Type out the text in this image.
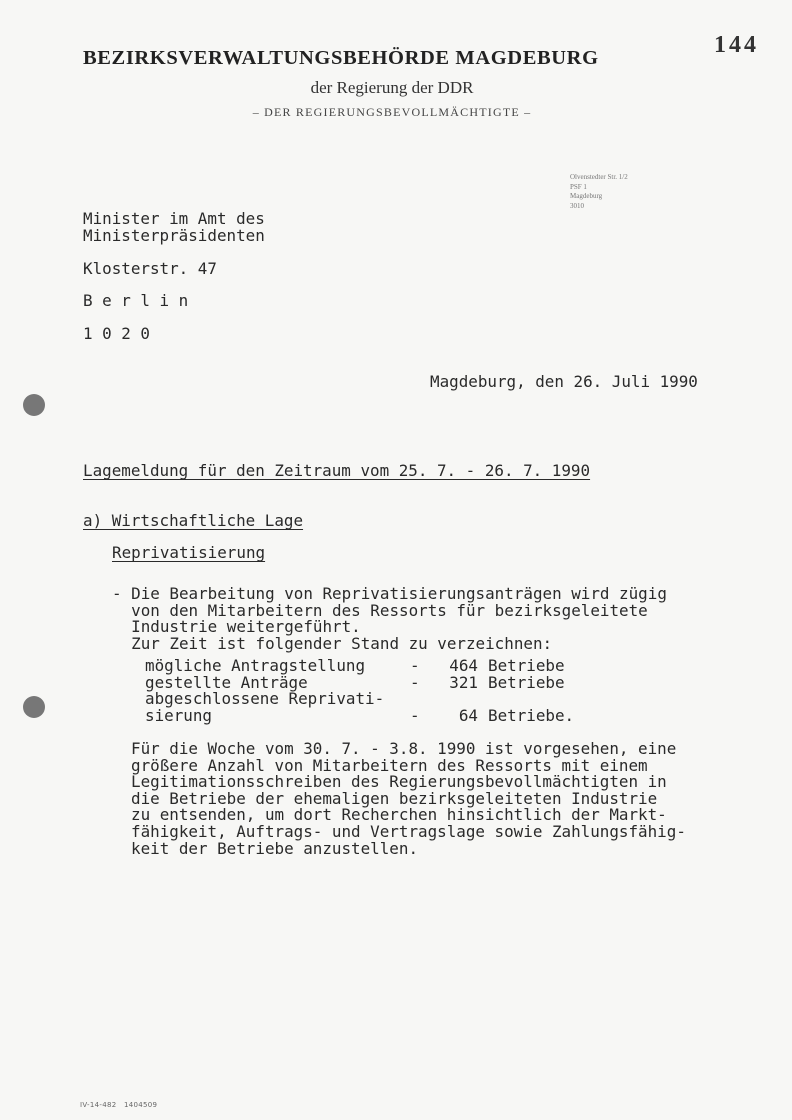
BEZIRKSVERWALTUNGSBEHÖRDE MAGDEBURG	144
der Regierung der DDR
– DER REGIERUNGSBEVOLLMÄCHTIGTE –
Olvenstedter Str. 1/2
PSF 1
Magdeburg
3010
Minister im Amt des
Ministerpräsidenten
Klosterstr. 47
B e r l i n
1 0 2 0
Magdeburg, den 26. Juli 1990
Lagemeldung für den Zeitraum vom 25. 7. - 26. 7. 1990
a) Wirtschaftliche Lage
Reprivatisierung
- Die Bearbeitung von Reprivatisierungsanträgen wird zügig
von den Mitarbeitern des Ressorts für bezirksgeleitete
Industrie weitergeführt.
Zur Zeit ist folgender Stand zu verzeichnen:
mögliche Antragstellung	-	464	Betriebe
gestellte Anträge	-	321	Betriebe
abgeschlossene Reprivati-
sierung	-	64	Betriebe.
Für die Woche vom 30. 7. - 3.8. 1990 ist vorgesehen, eine
größere Anzahl von Mitarbeitern des Ressorts mit einem
Legitimationsschreiben des Regierungsbevollmächtigten in
die Betriebe der ehemaligen bezirksgeleiteten Industrie
zu entsenden, um dort Recherchen hinsichtlich der Markt-
fähigkeit, Auftrags- und Vertragslage sowie Zahlungsfähig-
keit der Betriebe anzustellen.
IV-14-482   1404509
